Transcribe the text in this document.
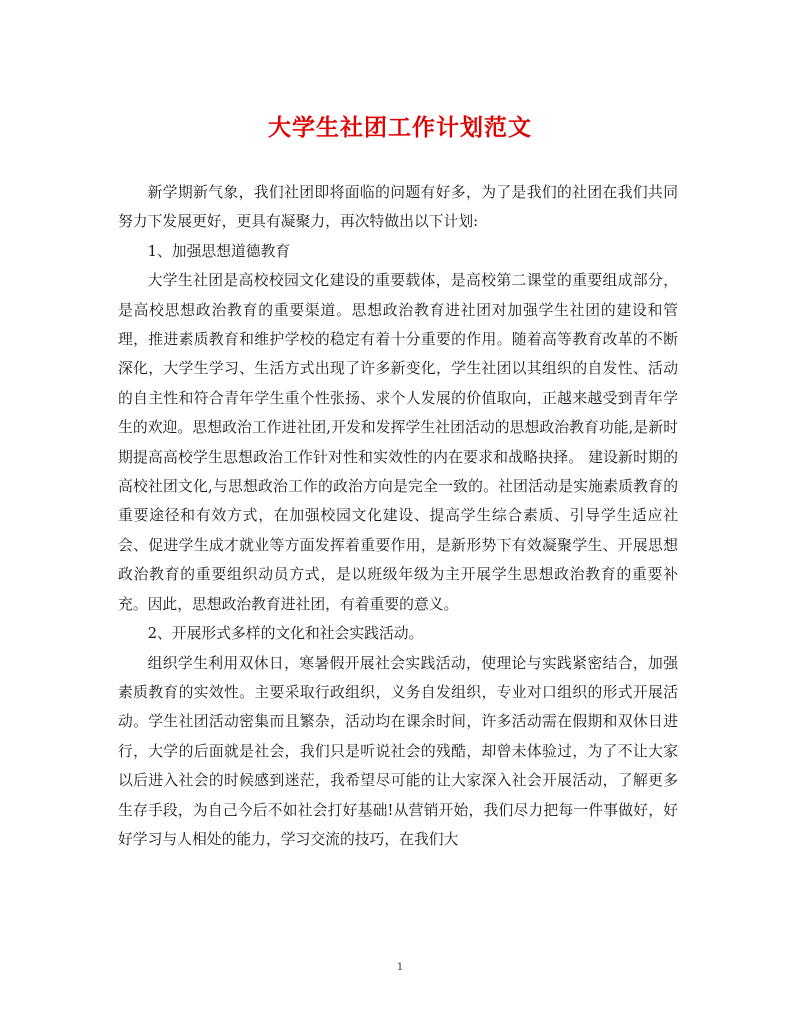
大学生社团工作计划范文

新学期新气象，我们社团即将面临的问题有好多，为了是我们的社团在我们共同努力下发展更好，更具有凝聚力，再次特做出以下计划:

1、加强思想道德教育

大学生社团是高校校园文化建设的重要载体，是高校第二课堂的重要组成部分，是高校思想政治教育的重要渠道。思想政治教育进社团对加强学生社团的建设和管理，推进素质教育和维护学校的稳定有着十分重要的作用。随着高等教育改革的不断深化，大学生学习、生活方式出现了许多新变化，学生社团以其组织的自发性、活动的自主性和符合青年学生重个性张扬、求个人发展的价值取向，正越来越受到青年学生的欢迎。思想政治工作进社团,开发和发挥学生社团活动的思想政治教育功能,是新时期提高高校学生思想政治工作针对性和实效性的内在要求和战略抉择。 建设新时期的高校社团文化,与思想政治工作的政治方向是完全一致的。社团活动是实施素质教育的重要途径和有效方式，在加强校园文化建设、提高学生综合素质、引导学生适应社会、促进学生成才就业等方面发挥着重要作用，是新形势下有效凝聚学生、开展思想政治教育的重要组织动员方式，是以班级年级为主开展学生思想政治教育的重要补充。因此，思想政治教育进社团，有着重要的意义。

2、开展形式多样的文化和社会实践活动。

组织学生利用双休日，寒暑假开展社会实践活动，使理论与实践紧密结合，加强素质教育的实效性。主要采取行政组织，义务自发组织，专业对口组织的形式开展活动。学生社团活动密集而且繁杂，活动均在课余时间，许多活动需在假期和双休日进行，大学的后面就是社会，我们只是听说社会的残酷，却曾未体验过，为了不让大家以后进入社会的时候感到迷茫，我希望尽可能的让大家深入社会开展活动，了解更多生存手段，为自己今后不如社会打好基础!从营销开始，我们尽力把每一件事做好，好好学习与人相处的能力，学习交流的技巧，在我们大

1
